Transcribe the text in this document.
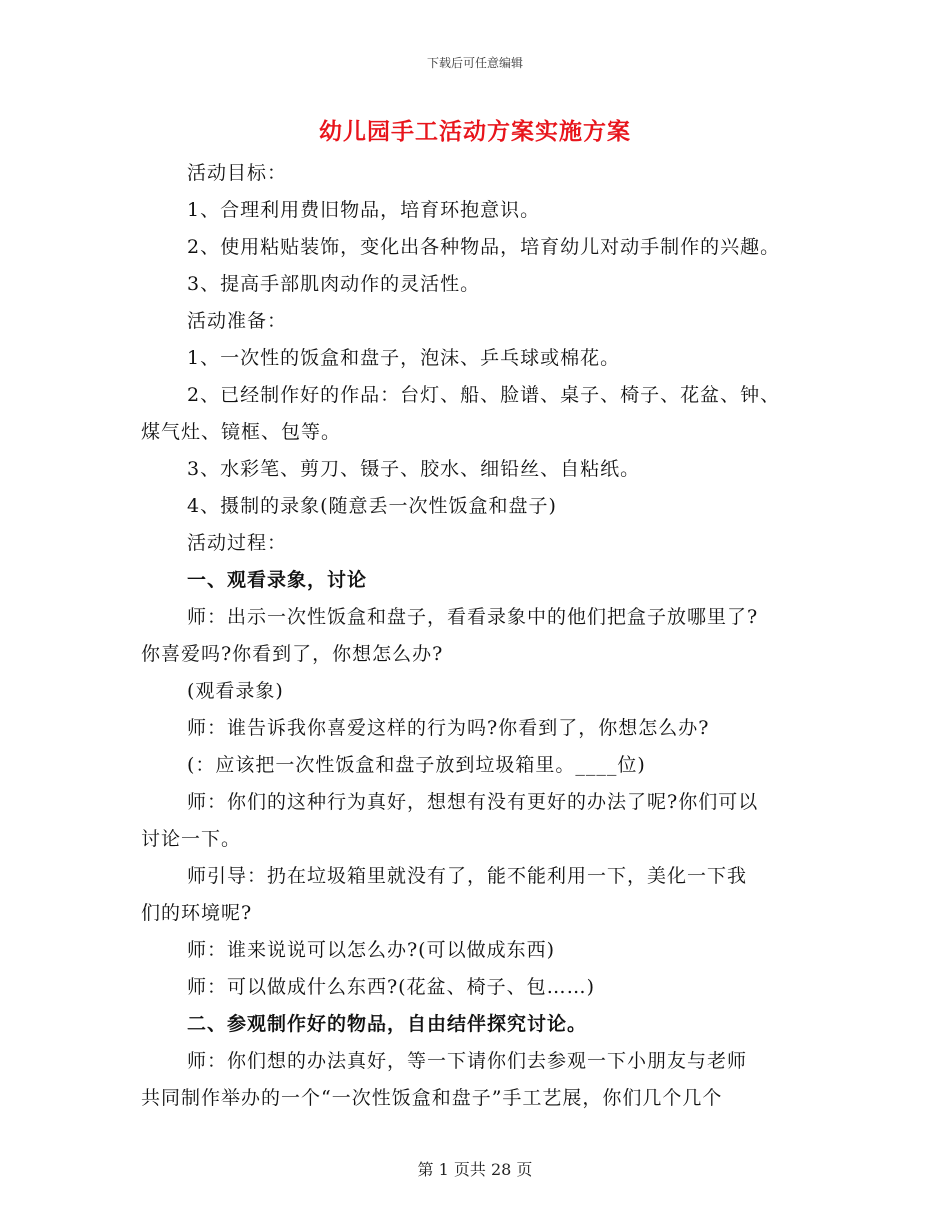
下载后可任意编辑
幼儿园手工活动方案实施方案

活动目标：

1、合理利用费旧物品，培育环抱意识。

2、使用粘贴装饰，变化出各种物品，培育幼儿对动手制作的兴趣。

3、提高手部肌肉动作的灵活性。

活动准备：

1、一次性的饭盒和盘子，泡沫、乒乓球或棉花。

2、已经制作好的作品：台灯、船、脸谱、桌子、椅子、花盆、钟、

煤气灶、镜框、包等。

3、水彩笔、剪刀、镊子、胶水、细铅丝、自粘纸。

4、摄制的录象(随意丢一次性饭盒和盘子)

活动过程：

一、观看录象，讨论

师：出示一次性饭盒和盘子，看看录象中的他们把盒子放哪里了?

你喜爱吗?你看到了，你想怎么办?

(观看录象)

师：谁告诉我你喜爱这样的行为吗?你看到了，你想怎么办?

(：应该把一次性饭盒和盘子放到垃圾箱里。____位)

师：你们的这种行为真好，想想有没有更好的办法了呢?你们可以

讨论一下。

师引导：扔在垃圾箱里就没有了，能不能利用一下，美化一下我

们的环境呢?

师：谁来说说可以怎么办?(可以做成东西)

师：可以做成什么东西?(花盆、椅子、包……)

二、参观制作好的物品，自由结伴探究讨论。

师：你们想的办法真好，等一下请你们去参观一下小朋友与老师

共同制作举办的一个“一次性饭盒和盘子”手工艺展，你们几个几个

第 1 页共 28 页
